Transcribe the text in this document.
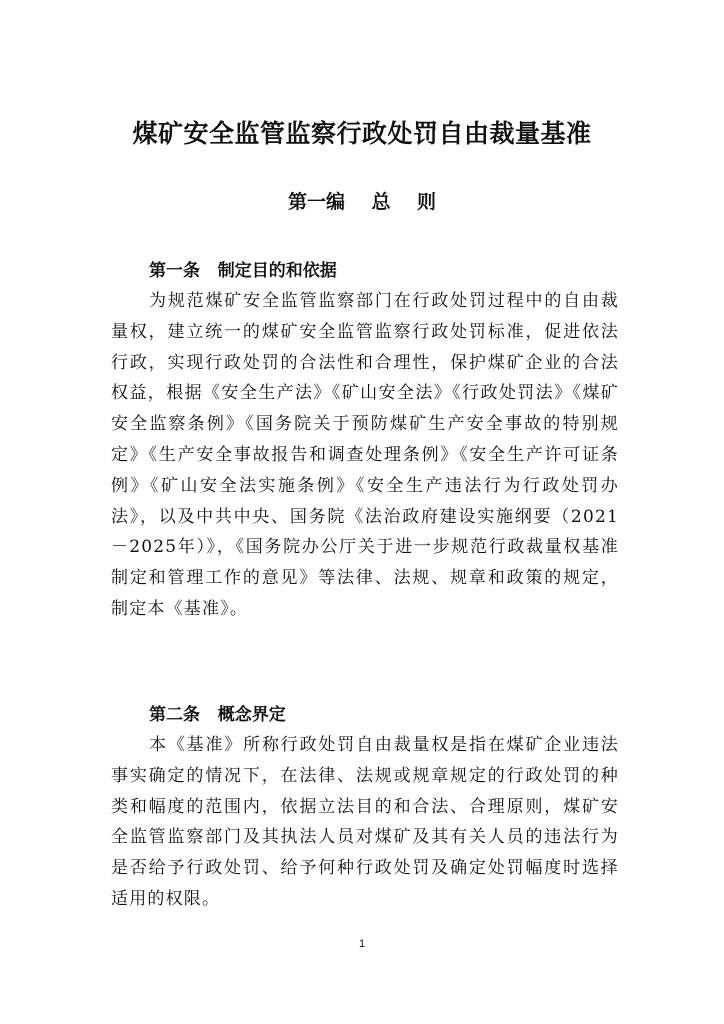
煤矿安全监管监察行政处罚自由裁量基准
第一编    总    则
第一条   制定目的和依据

为规范煤矿安全监管监察部门在行政处罚过程中的自由裁量权，建立统一的煤矿安全监管监察行政处罚标准，促进依法行政，实现行政处罚的合法性和合理性，保护煤矿企业的合法权益，根据《安全生产法》《矿山安全法》《行政处罚法》《煤矿安全监察条例》《国务院关于预防煤矿生产安全事故的特别规定》《生产安全事故报告和调查处理条例》《安全生产许可证条例》《矿山安全法实施条例》《安全生产违法行为行政处罚办法》，以及中共中央、国务院《法治政府建设实施纲要（2021－2025年）》，《国务院办公厅关于进一步规范行政裁量权基准制定和管理工作的意见》等法律、法规、规章和政策的规定，制定本《基准》。

第二条   概念界定

本《基准》所称行政处罚自由裁量权是指在煤矿企业违法事实确定的情况下，在法律、法规或规章规定的行政处罚的种类和幅度的范围内，依据立法目的和合法、合理原则，煤矿安全监管监察部门及其执法人员对煤矿及其有关人员的违法行为是否给予行政处罚、给予何种行政处罚及确定处罚幅度时选择适用的权限。

1
